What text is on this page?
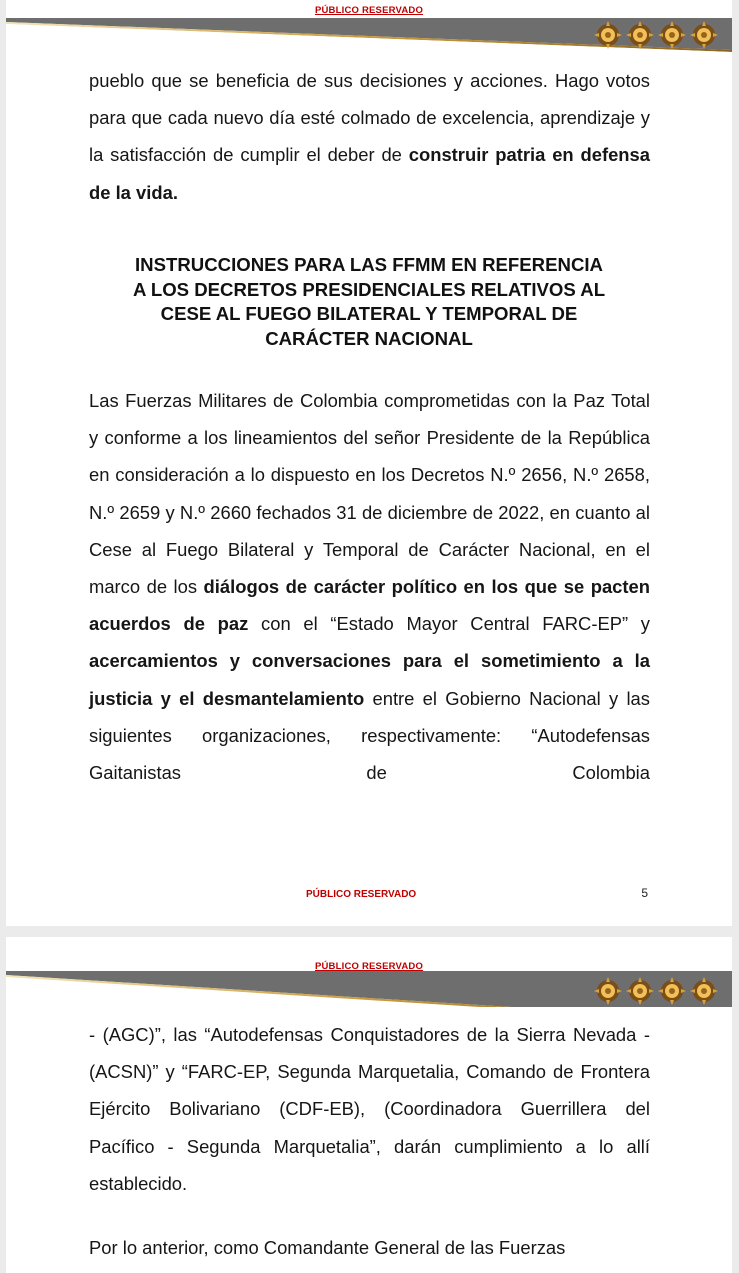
PÚBLICO RESERVADO

pueblo que se beneficia de sus decisiones y acciones. Hago votos para que cada nuevo día esté colmado de excelencia, aprendizaje y la satisfacción de cumplir el deber de construir patria en defensa de la vida.

INSTRUCCIONES PARA LAS FFMM EN REFERENCIA
A LOS DECRETOS PRESIDENCIALES RELATIVOS AL
CESE AL FUEGO BILATERAL Y TEMPORAL DE
CARÁCTER NACIONAL

Las Fuerzas Militares de Colombia comprometidas con la Paz Total y conforme a los lineamientos del señor Presidente de la República en consideración a lo dispuesto en los Decretos N.º 2656, N.º 2658, N.º 2659 y N.º 2660 fechados 31 de diciembre de 2022, en cuanto al Cese al Fuego Bilateral y Temporal de Carácter Nacional, en el marco de los diálogos de carácter político en los que se pacten acuerdos de paz con el “Estado Mayor Central FARC-EP” y acercamientos y conversaciones para el sometimiento a la justicia y el desmantelamiento entre el Gobierno Nacional y las siguientes organizaciones, respectivamente: “Autodefensas Gaitanistas de Colombia

PÚBLICO RESERVADO	5
PÚBLICO RESERVADO

- (AGC)”, las “Autodefensas Conquistadores de la Sierra Nevada - (ACSN)” y “FARC-EP, Segunda Marquetalia, Comando de Frontera Ejército Bolivariano (CDF-EB), (Coordinadora Guerrillera del Pacífico - Segunda Marquetalia”, darán cumplimiento a lo allí establecido.

Por lo anterior, como Comandante General de las Fuerzas
